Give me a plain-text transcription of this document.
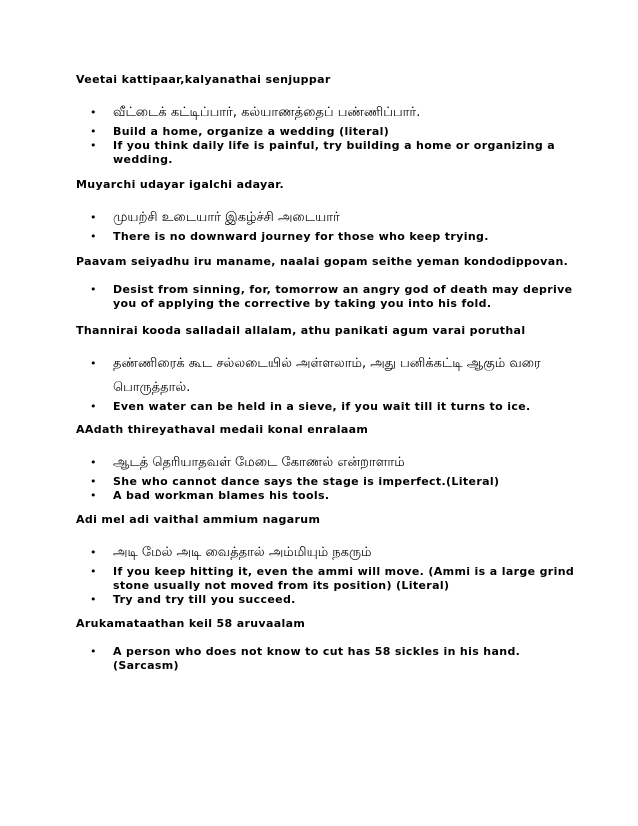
Veetai kattipaar,kalyanathai senjuppar
• வீட்டைக் கட்டிப்பார், கல்யாணத்தைப் பண்ணிப்பார்.
• Build a home, organize a wedding (literal)
• If you think daily life is painful, try building a home or organizing a wedding.
Muyarchi udayar igalchi adayar.
• முயற்சி உடையார் இகழ்ச்சி அடையார்
• There is no downward journey for those who keep trying.
Paavam seiyadhu iru maname, naalai gopam seithe yeman kondodippovan.
• Desist from sinning, for, tomorrow an angry god of death may deprive you of applying the corrective by taking you into his fold.
Thannirai kooda salladail allalam, athu panikati agum varai poruthal
• தண்ணிரைக் கூட சல்லடையில் அள்ளலாம், அது பனிக்கட்டி ஆகும் வரை பொருத்தால்.
• Even water can be held in a sieve, if you wait till it turns to ice.
AAdath thireyathaval medaii konal enralaam
• ஆடத் தெரியாதவள் மேடை கோணல் என்றாளாம்
• She who cannot dance says the stage is imperfect.(Literal)
• A bad workman blames his tools.
Adi mel adi vaithal ammium nagarum
• அடி மேல் அடி வைத்தால் அம்மியும் நகரும்
• If you keep hitting it, even the ammi will move. (Ammi is a large grind stone usually not moved from its position) (Literal)
• Try and try till you succeed.
Arukamataathan keil 58 aruvaalam
• A person who does not know to cut has 58 sickles in his hand. (Sarcasm)
